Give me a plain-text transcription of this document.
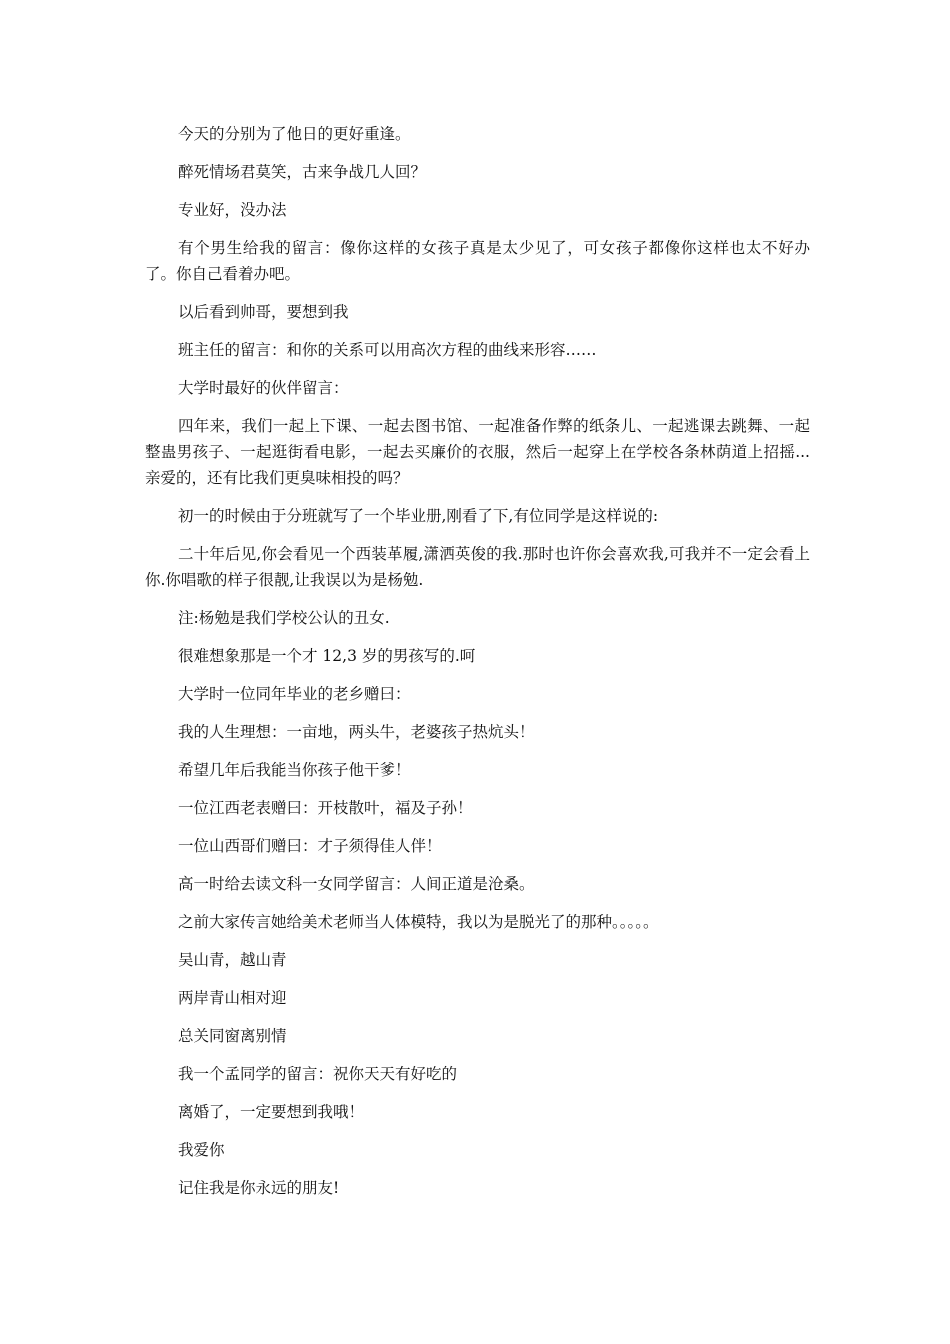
今天的分别为了他日的更好重逢。

醉死情场君莫笑，古来争战几人回？

专业好，没办法

有个男生给我的留言：像你这样的女孩子真是太少见了，可女孩子都像你这样也太不好办了。你自己看着办吧。

以后看到帅哥，要想到我

班主任的留言：和你的关系可以用高次方程的曲线来形容……

大学时最好的伙伴留言：

四年来，我们一起上下课、一起去图书馆、一起准备作弊的纸条儿、一起逃课去跳舞、一起整蛊男孩子、一起逛街看电影，一起去买廉价的衣服，然后一起穿上在学校各条林荫道上招摇... 亲爱的，还有比我们更臭味相投的吗？

初一的时候由于分班就写了一个毕业册,刚看了下,有位同学是这样说的:

二十年后见,你会看见一个西装革履,潇洒英俊的我.那时也许你会喜欢我,可我并不一定会看上你.你唱歌的样子很靓,让我误以为是杨勉.

注:杨勉是我们学校公认的丑女.

很难想象那是一个才 12,3 岁的男孩写的.呵

大学时一位同年毕业的老乡赠曰：

我的人生理想：一亩地，两头牛，老婆孩子热炕头！

希望几年后我能当你孩子他干爹！

一位江西老表赠曰：开枝散叶，福及子孙！

一位山西哥们赠曰：才子须得佳人伴！

高一时给去读文科一女同学留言：人间正道是沧桑。

之前大家传言她给美术老师当人体模特，我以为是脱光了的那种。。。。。

吴山青，越山青

两岸青山相对迎

总关同窗离别情

我一个孟同学的留言：祝你天天有好吃的

离婚了，一定要想到我哦！

我爱你

记住我是你永远的朋友!
